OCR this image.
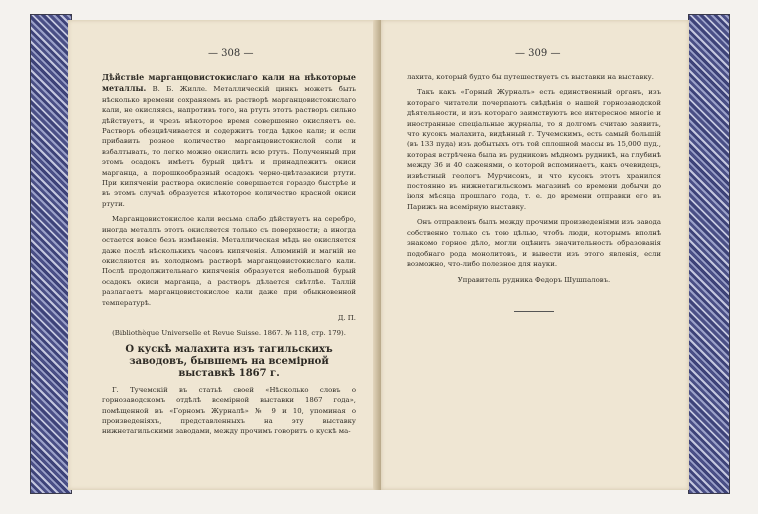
— 308 —

Дѣйствіе марганцовистокислаго кали на нѣкоторые металлы. В. Б. Жилле. Металлическій цинкъ можетъ быть нѣсколько времени сохраняемъ въ растворѣ марганцовистокислаго кали, не окисляясь, напротивъ того, на ртуть этотъ растворъ сильно дѣйствуетъ, и чрезъ нѣкоторое время совершенно окисляетъ ее. Растворъ обезцвѣчивается и содержитъ тогда ѣдкое кали; и если прибавить розное количество марганцовистокислой соли и взбалтывать, то легко можно окислить всю ртуть. Полученный при этомъ осадокъ имѣетъ бурый цвѣтъ и принадлежитъ окиси марганца, а порошкообразный осадокъ черно-цвѣтазакиси ртути. При кипяченіи раствора окисленіе совершается гораздо быстрѣе и въ этомъ случаѣ образуется нѣкоторое количество красной окиси ртути.

Марганцовистокислое кали весьма слабо дѣйствуетъ на серебро, иногда металлъ этотъ окисляется только съ поверхности; а иногда остается вовсе безъ измѣненія. Металлическая мѣдь не окисляется даже послѣ нѣсколькихъ часовъ кипяченія. Алюминій и магній не окисляются въ холодномъ растворѣ марганцовистокислаго кали. Послѣ продолжительнаго кипяченія образуется небольшой бурый осадокъ окиси марганца, а растворъ дѣлается свѣтлѣе. Таллій разлагаетъ марганцовистокислое кали даже при обыкновенной температурѣ.

Д. П.

(Bibliothèque Universelle et Revue Suisse. 1867. № 118, стр. 179).

О кускѣ малахита изъ тагильскихъ заводовъ, бывшемъ на всемірной выставкѣ 1867 г.

Г. Тучемскій въ статьѣ своей «Нѣсколько словъ о горнозаводскомъ отдѣлѣ всемірной выставки 1867 года», помѣщенной въ «Горномъ Журналѣ» № 9 и 10, упоминая о произведеніяхъ, представленныхъ на эту выставку нижнетагильскими заводами, между прочимъ говоритъ о кускѣ ма-

— 309 —

лахита, который будто бы путешествуетъ съ выставки на выставку.

Такъ какъ «Горный Журналъ» есть единственный органъ, изъ котораго читатели почерпаютъ свѣдѣнія о нашей горнозаводской дѣятельности, и изъ котораго заимствуютъ все интересное многіе и иностранные спеціальные журналы, то я долгомъ считаю заявить, что кусокъ малахита, видѣнный г. Тучемскимъ, есть самый большій (въ 133 пуда) изъ добытыхъ отъ той сплошной массы въ 15,000 пуд., которая встрѣчена была въ рудниковъ мѣдномъ рудникѣ, на глубинѣ между 36 и 40 саженями, о которой вспоминаетъ, какъ очевидецъ, извѣстный геологъ Мурчисонъ, и что кусокъ этотъ хранился постоянно въ нижнетагильскомъ магазинѣ со времени добычи до іюля мѣсяца прошлаго года, т. е. до времени отправки его въ Парижъ на всемірную выставку.

Онъ отправленъ былъ между прочими произведеніями изъ завода собственно только съ тою цѣлью, чтобъ люди, которымъ вполнѣ знакомо горное дѣло, могли оцѣнить значительность образованія подобнаго рода монолитовъ, и вывести изъ этого явленія, если возможно, что-либо полезное для науки.

Управитель рудника Федоръ Шушпаловъ.
